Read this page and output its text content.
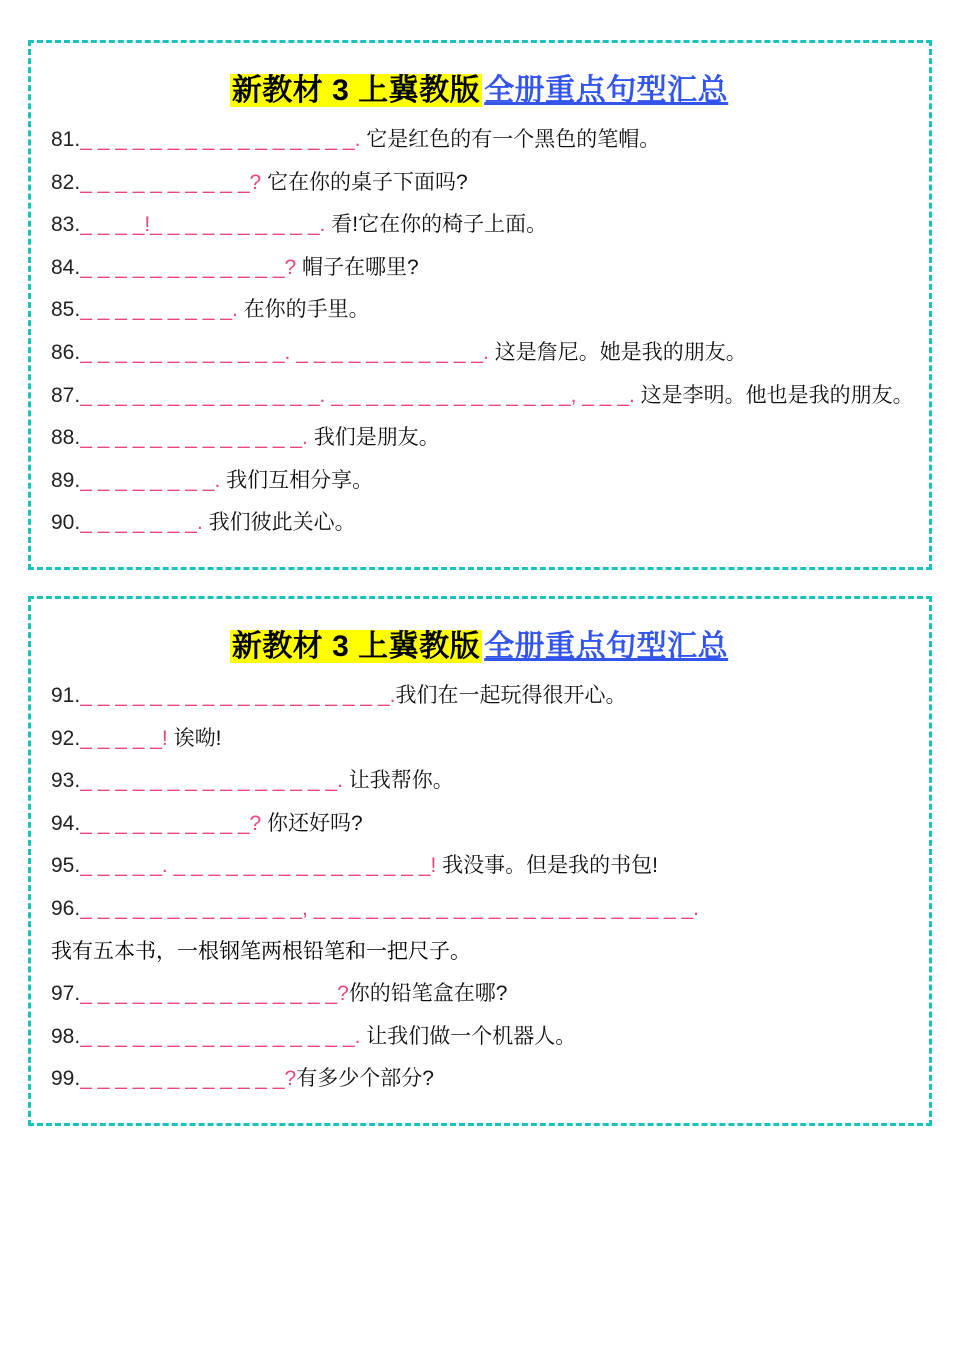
新教材 3 上冀教版 全册重点句型汇总
81._ _ _ _ _ _ _ _ _ _ _ _ _ _ _ _. 它是红色的有一个黑色的笔帽。
82._ _ _ _ _ _ _ _ _ _? 它在你的桌子下面吗?
83._ _ _ _!_ _ _ _ _ _ _ _ _ _. 看!它在你的椅子上面。
84._ _ _ _ _ _ _ _ _ _ _ _? 帽子在哪里?
85._ _ _ _ _ _ _ _ _. 在你的手里。
86._ _ _ _ _ _ _ _ _ _ _ _. _ _ _ _ _ _ _ _ _ _ _. 这是詹尼。她是我的朋友。
87._ _ _ _ _ _ _ _ _ _ _ _ _ _. _ _ _ _ _ _ _ _ _ _ _ _ _ _, _ _ _. 这是李明。他也是我的朋友。
88._ _ _ _ _ _ _ _ _ _ _ _ _. 我们是朋友。
89._ _ _ _ _ _ _ _. 我们互相分享。
90._ _ _ _ _ _ _. 我们彼此关心。
新教材 3 上冀教版 全册重点句型汇总
91._ _ _ _ _ _ _ _ _ _ _ _ _ _ _ _ _ _.我们在一起玩得很开心。
92._ _ _ _ _! 诶呦!
93._ _ _ _ _ _ _ _ _ _ _ _ _ _ _. 让我帮你。
94._ _ _ _ _ _ _ _ _ _? 你还好吗?
95._ _ _ _ _. _ _ _ _ _ _ _ _ _ _ _ _ _ _ _! 我没事。但是我的书包!
96._ _ _ _ _ _ _ _ _ _ _ _ _, _ _ _ _ _ _ _ _ _ _ _ _ _ _ _ _ _ _ _ _ _ _.
我有五本书，一根钢笔两根铅笔和一把尺子。
97._ _ _ _ _ _ _ _ _ _ _ _ _ _ _?你的铅笔盒在哪?
98._ _ _ _ _ _ _ _ _ _ _ _ _ _ _ _. 让我们做一个机器人。
99._ _ _ _ _ _ _ _ _ _ _ _?有多少个部分?
